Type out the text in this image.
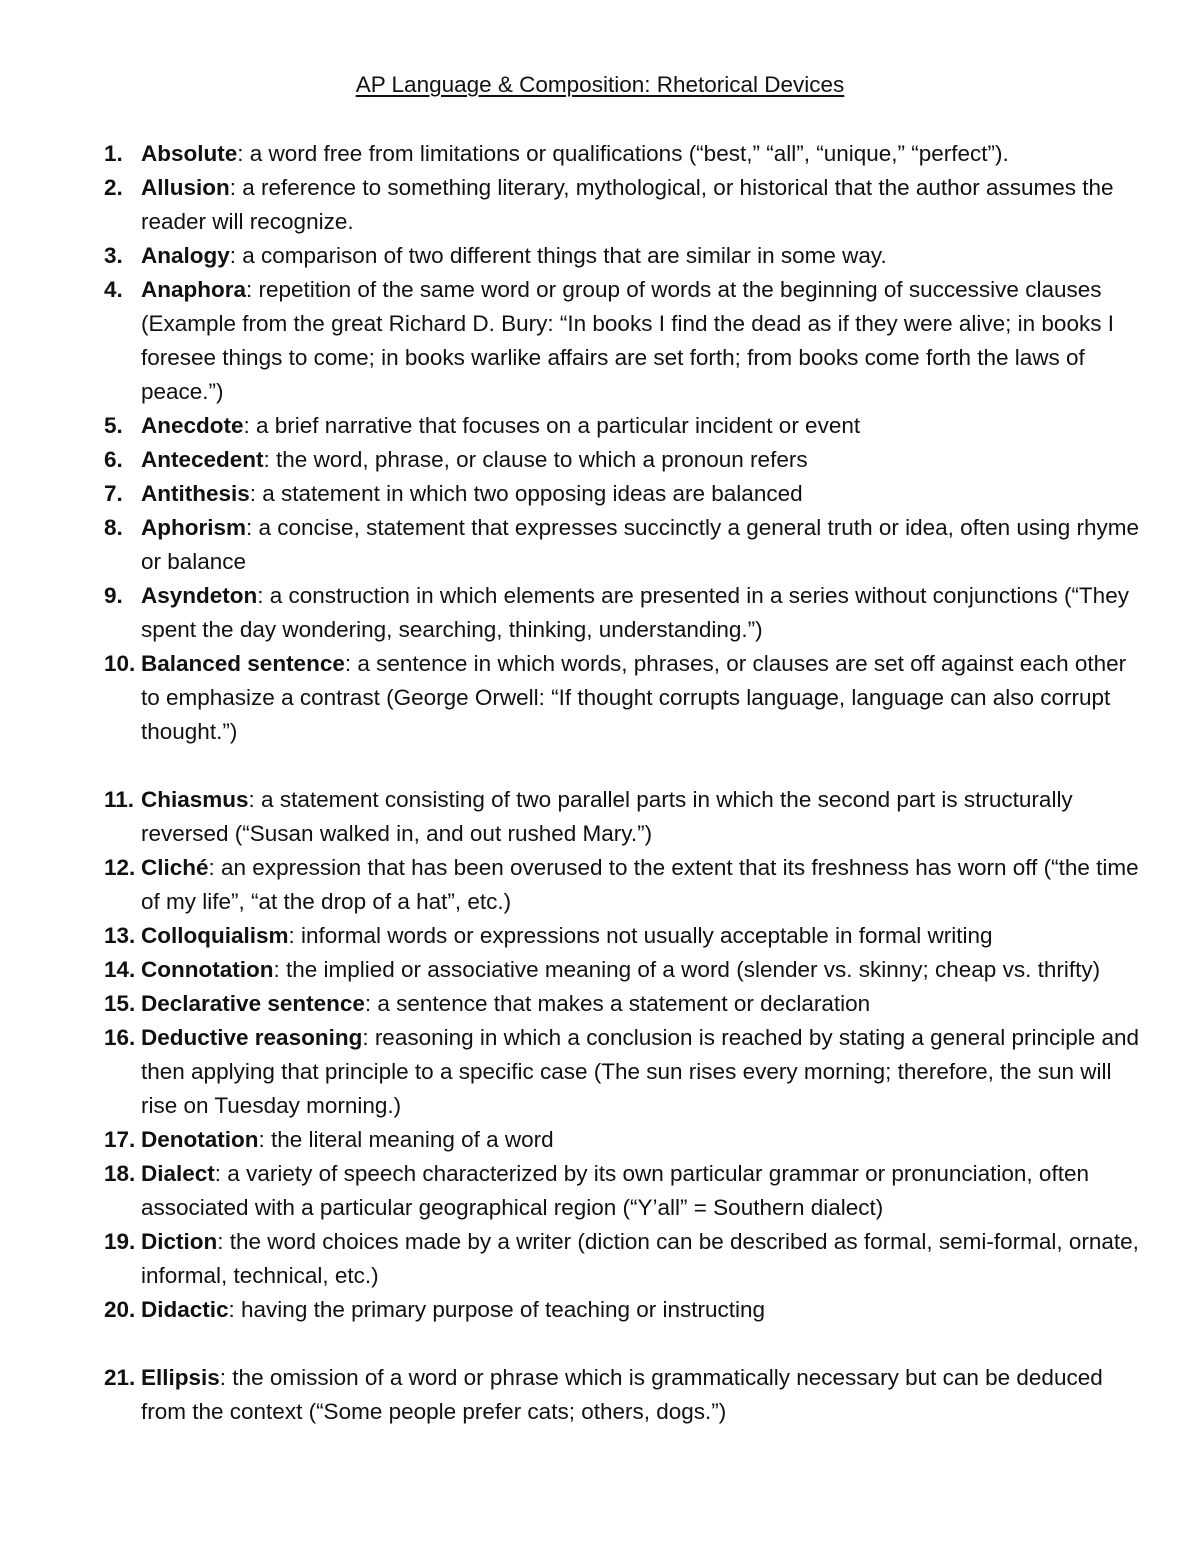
AP Language & Composition: Rhetorical Devices
1. Absolute: a word free from limitations or qualifications (“best,” “all”, “unique,” “perfect”).
2. Allusion: a reference to something literary, mythological, or historical that the author assumes the reader will recognize.
3. Analogy: a comparison of two different things that are similar in some way.
4. Anaphora: repetition of the same word or group of words at the beginning of successive clauses (Example from the great Richard D. Bury: “In books I find the dead as if they were alive; in books I foresee things to come; in books warlike affairs are set forth; from books come forth the laws of peace.”)
5. Anecdote: a brief narrative that focuses on a particular incident or event
6. Antecedent: the word, phrase, or clause to which a pronoun refers
7. Antithesis: a statement in which two opposing ideas are balanced
8. Aphorism: a concise, statement that expresses succinctly a general truth or idea, often using rhyme or balance
9. Asyndeton: a construction in which elements are presented in a series without conjunctions (“They spent the day wondering, searching, thinking, understanding.”)
10. Balanced sentence: a sentence in which words, phrases, or clauses are set off against each other to emphasize a contrast (George Orwell: “If thought corrupts language, language can also corrupt thought.”)
11. Chiasmus: a statement consisting of two parallel parts in which the second part is structurally reversed (“Susan walked in, and out rushed Mary.”)
12. Cliché: an expression that has been overused to the extent that its freshness has worn off (“the time of my life”, “at the drop of a hat”, etc.)
13. Colloquialism: informal words or expressions not usually acceptable in formal writing
14. Connotation: the implied or associative meaning of a word (slender vs. skinny; cheap vs. thrifty)
15. Declarative sentence: a sentence that makes a statement or declaration
16. Deductive reasoning: reasoning in which a conclusion is reached by stating a general principle and then applying that principle to a specific case (The sun rises every morning; therefore, the sun will rise on Tuesday morning.)
17. Denotation: the literal meaning of a word
18. Dialect: a variety of speech characterized by its own particular grammar or pronunciation, often associated with a particular geographical region (“Y’all” = Southern dialect)
19. Diction: the word choices made by a writer (diction can be described as formal, semi-formal, ornate, informal, technical, etc.)
20. Didactic: having the primary purpose of teaching or instructing
21. Ellipsis: the omission of a word or phrase which is grammatically necessary but can be deduced from the context (“Some people prefer cats; others, dogs.”)
